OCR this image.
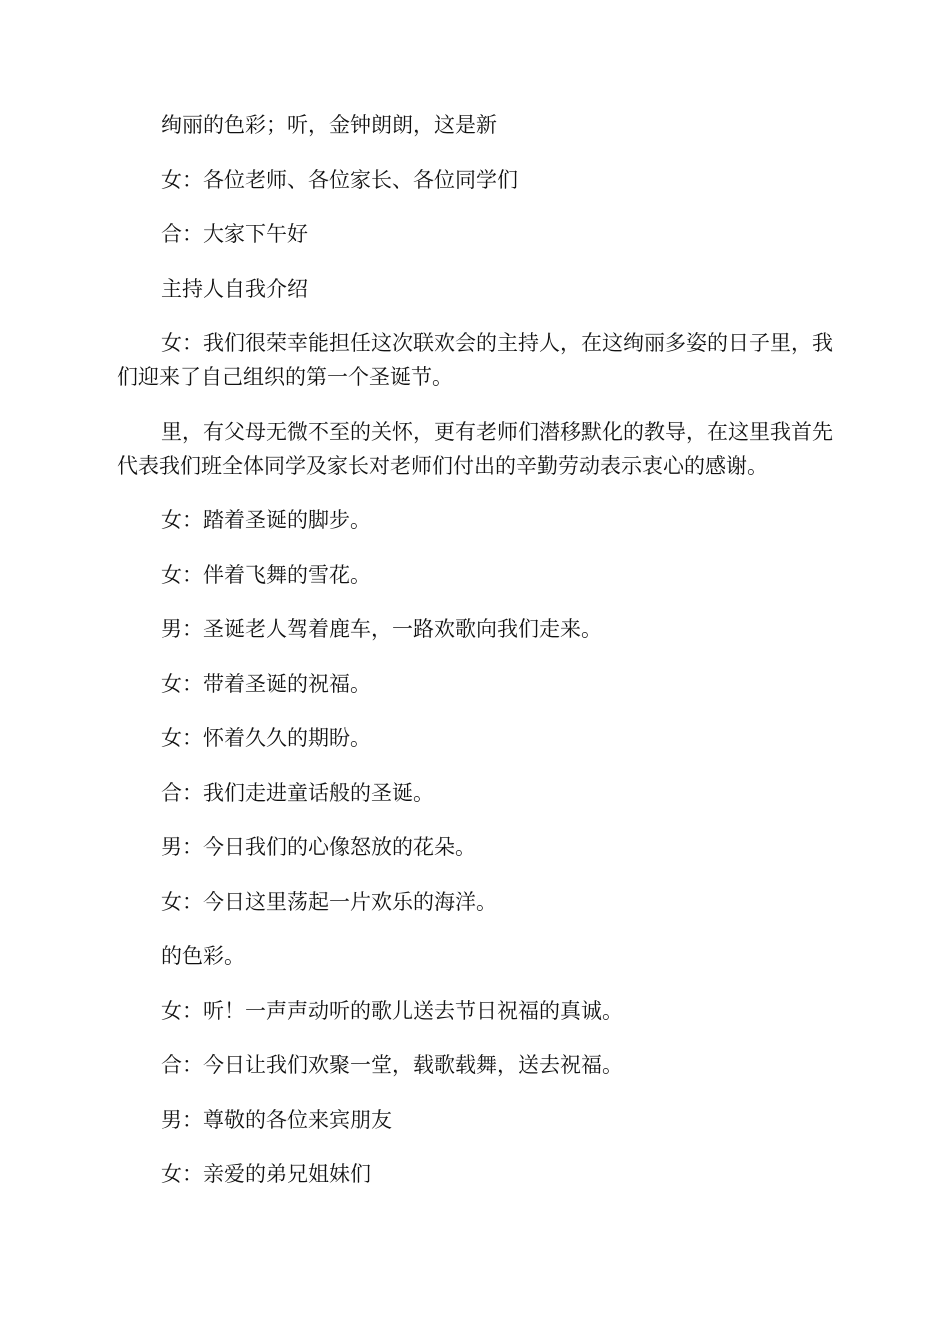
绚丽的色彩；听，金钟朗朗，这是新

女：各位老师、各位家长、各位同学们

合：大家下午好

主持人自我介绍

女：我们很荣幸能担任这次联欢会的主持人，在这绚丽多姿的日子里，我们迎来了自己组织的第一个圣诞节。

里，有父母无微不至的关怀，更有老师们潜移默化的教导，在这里我首先代表我们班全体同学及家长对老师们付出的辛勤劳动表示衷心的感谢。

女：踏着圣诞的脚步。

女：伴着飞舞的雪花。

男：圣诞老人驾着鹿车，一路欢歌向我们走来。

女：带着圣诞的祝福。

女：怀着久久的期盼。

合：我们走进童话般的圣诞。

男：今日我们的心像怒放的花朵。

女：今日这里荡起一片欢乐的海洋。

的色彩。

女：听！一声声动听的歌儿送去节日祝福的真诚。

合：今日让我们欢聚一堂，载歌载舞，送去祝福。

男：尊敬的各位来宾朋友

女：亲爱的弟兄姐妹们
